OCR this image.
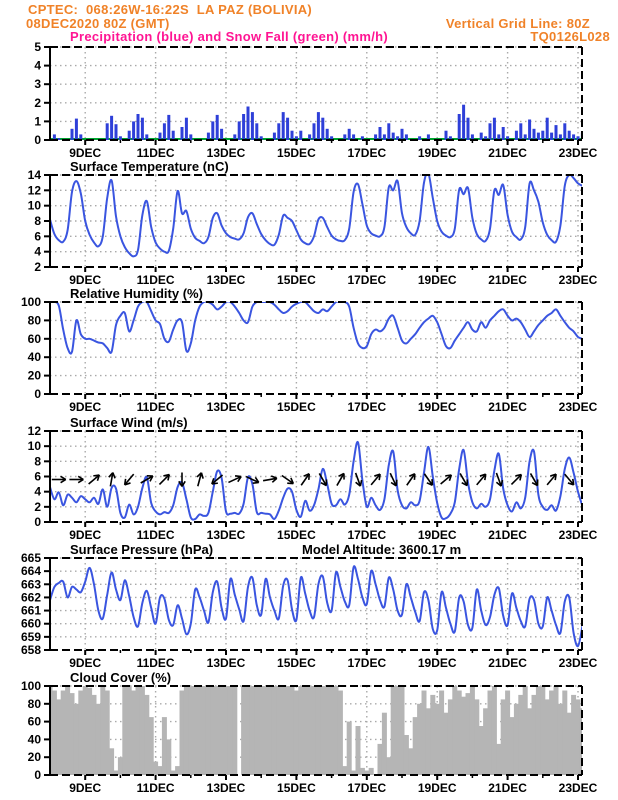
CPTEC:  068:26W-16:22S  LA PAZ (BOLIVIA)
08DEC2020 80Z (GMT)	Vertical Grid Line: 80Z
Precipitation (blue) and Snow Fall (green) (mm/h)	TQ0126L028
0
1
2
3
4
5
9DEC	11DEC	13DEC	15DEC	17DEC	19DEC	21DEC	23DEC
2
4
6
8
10
12
14
9DEC	11DEC	13DEC	15DEC	17DEC	19DEC	21DEC	23DEC
Surface Temperature (nC)
0
20
40
60
80
100
9DEC	11DEC	13DEC	15DEC	17DEC	19DEC	21DEC	23DEC
Relative Humidity (%)
0
2
4
6
8
10
12
9DEC	11DEC	13DEC	15DEC	17DEC	19DEC	21DEC	23DEC
Surface Wind (m/s)
658
659
660
661
662
663
664
665
9DEC	11DEC	13DEC	15DEC	17DEC	19DEC	21DEC	23DEC
Surface Pressure (hPa)	Model Altitude: 3600.17 m
0
20
40
60
80
100
9DEC	11DEC	13DEC	15DEC	17DEC	19DEC	21DEC	23DEC
Cloud Cover (%)
